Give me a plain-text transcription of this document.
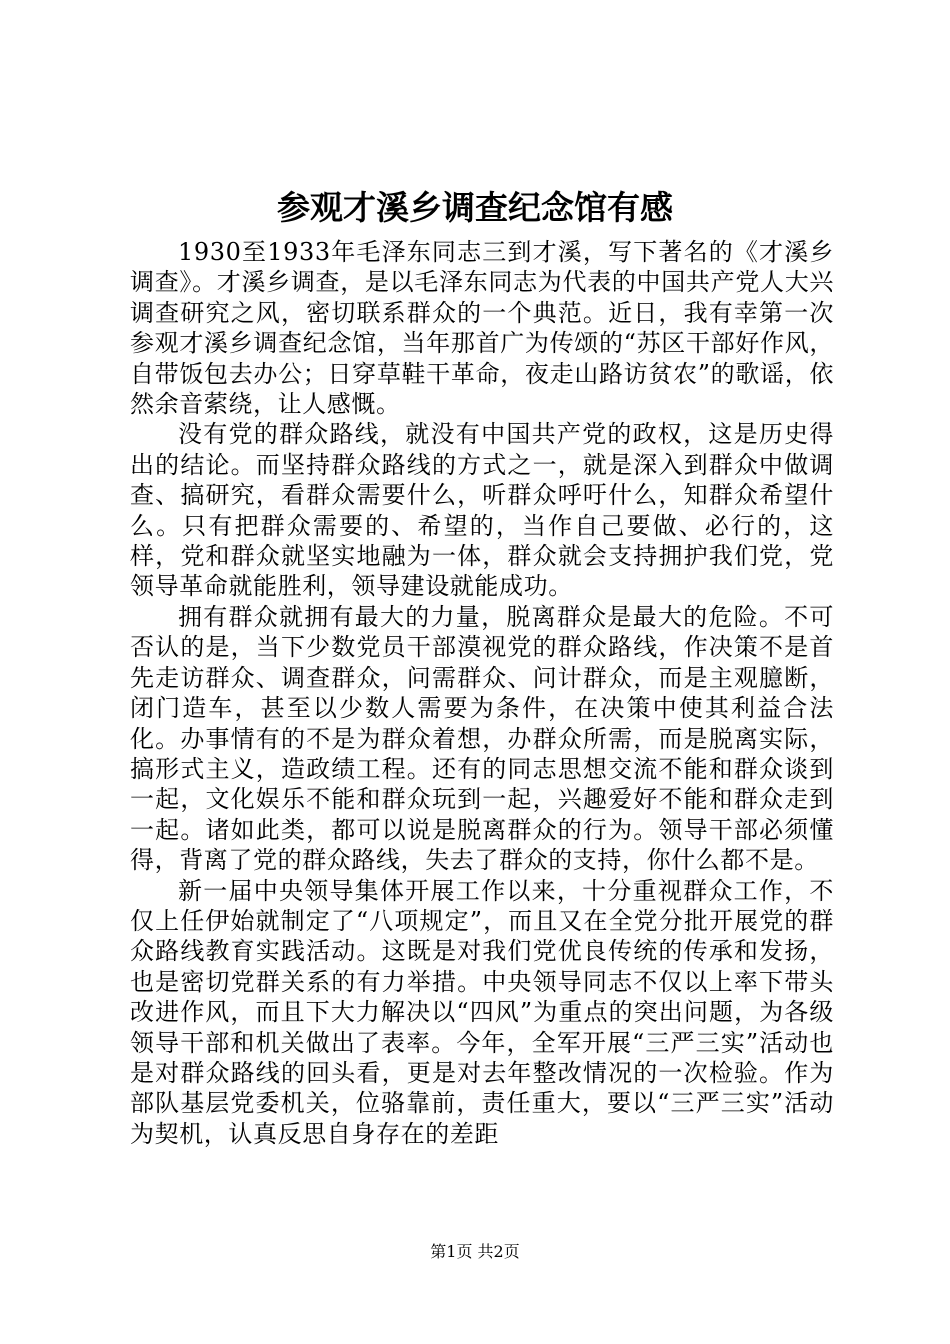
参观才溪乡调查纪念馆有感

1930至1933年毛泽东同志三到才溪，写下著名的《才溪乡调查》。才溪乡调查，是以毛泽东同志为代表的中国共产党人大兴调查研究之风，密切联系群众的一个典范。近日，我有幸第一次参观才溪乡调查纪念馆，当年那首广为传颂的“苏区干部好作风，自带饭包去办公；日穿草鞋干革命，夜走山路访贫农”的歌谣，依然余音萦绕，让人感慨。

没有党的群众路线，就没有中国共产党的政权，这是历史得出的结论。而坚持群众路线的方式之一，就是深入到群众中做调查、搞研究，看群众需要什么，听群众呼吁什么，知群众希望什么。只有把群众需要的、希望的，当作自己要做、必行的，这样，党和群众就坚实地融为一体，群众就会支持拥护我们党，党领导革命就能胜利，领导建设就能成功。

拥有群众就拥有最大的力量，脱离群众是最大的危险。不可否认的是，当下少数党员干部漠视党的群众路线，作决策不是首先走访群众、调查群众，问需群众、问计群众，而是主观臆断，闭门造车，甚至以少数人需要为条件，在决策中使其利益合法化。办事情有的不是为群众着想，办群众所需，而是脱离实际，搞形式主义，造政绩工程。还有的同志思想交流不能和群众谈到一起，文化娱乐不能和群众玩到一起，兴趣爱好不能和群众走到一起。诸如此类，都可以说是脱离群众的行为。领导干部必须懂得，背离了党的群众路线，失去了群众的支持，你什么都不是。

新一届中央领导集体开展工作以来，十分重视群众工作，不仅上任伊始就制定了“八项规定”，而且又在全党分批开展党的群众路线教育实践活动。这既是对我们党优良传统的传承和发扬，也是密切党群关系的有力举措。中央领导同志不仅以上率下带头改进作风，而且下大力解决以“四风”为重点的突出问题，为各级领导干部和机关做出了表率。今年，全军开展“三严三实”活动也是对群众路线的回头看，更是对去年整改情况的一次检验。作为部队基层党委机关，位骆靠前，责任重大，要以“三严三实”活动为契机，认真反思自身存在的差距

第1页 共2页
